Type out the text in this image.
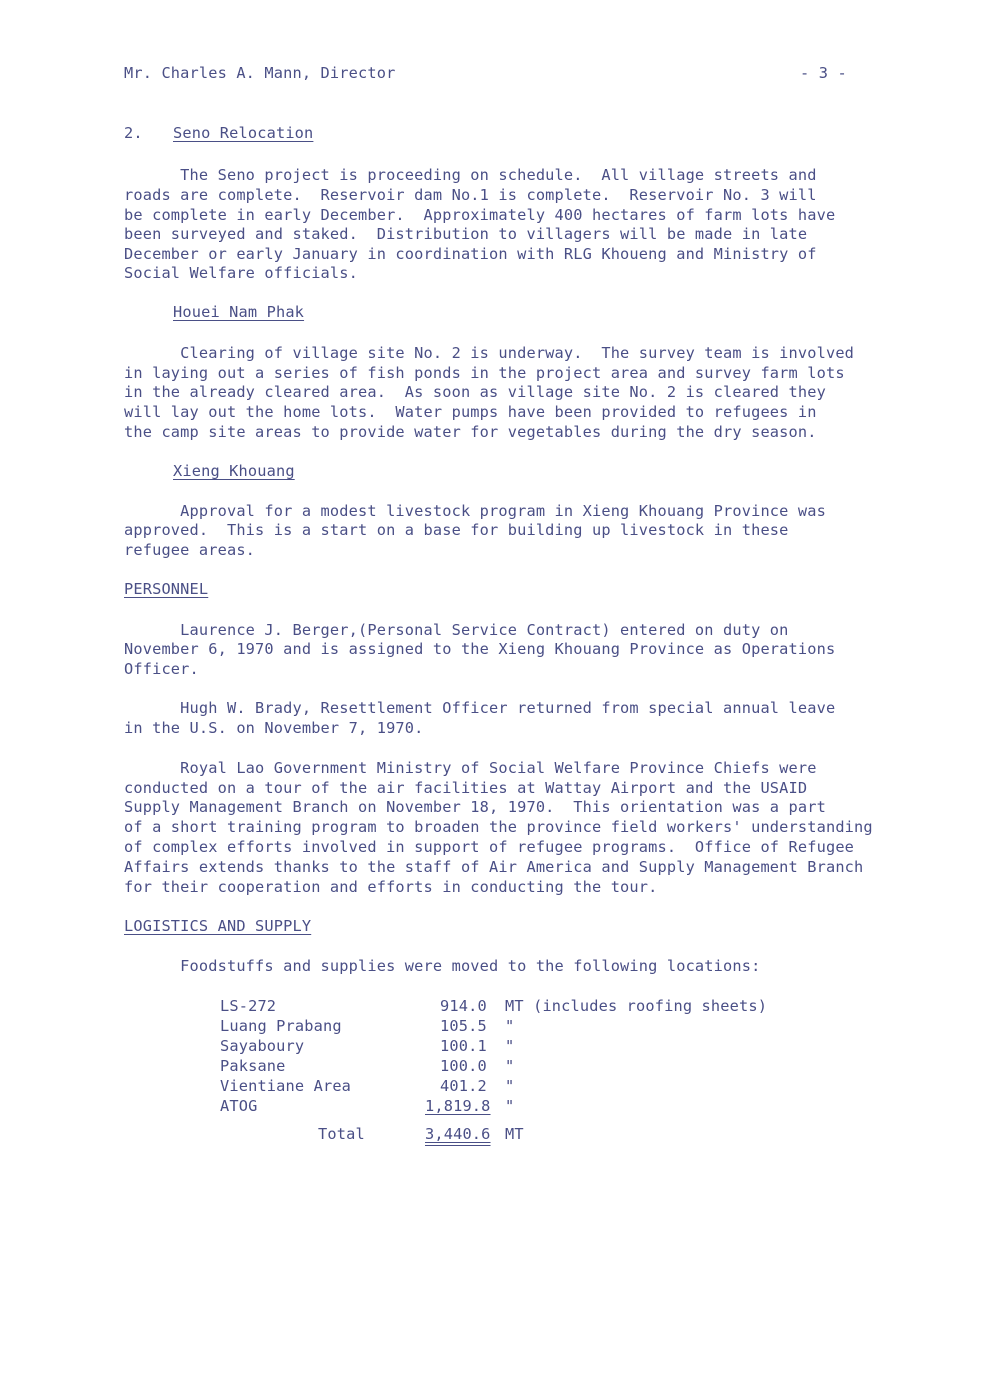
Mr. Charles A. Mann, Director	- 3 -
2. Seno Relocation
The Seno project is proceeding on schedule.  All village streets and
roads are complete.  Reservoir dam No.1 is complete.  Reservoir No. 3 will
be complete in early December.  Approximately 400 hectares of farm lots have
been surveyed and staked.  Distribution to villagers will be made in late
December or early January in coordination with RLG Khoueng and Ministry of
Social Welfare officials.
Houei Nam Phak
Clearing of village site No. 2 is underway.  The survey team is involved
in laying out a series of fish ponds in the project area and survey farm lots
in the already cleared area.  As soon as village site No. 2 is cleared they
will lay out the home lots.  Water pumps have been provided to refugees in
the camp site areas to provide water for vegetables during the dry season.
Xieng Khouang
Approval for a modest livestock program in Xieng Khouang Province was
approved.  This is a start on a base for building up livestock in these
refugee areas.
PERSONNEL
Laurence J. Berger,(Personal Service Contract) entered on duty on
November 6, 1970 and is assigned to the Xieng Khouang Province as Operations
Officer.
Hugh W. Brady, Resettlement Officer returned from special annual leave
in the U.S. on November 7, 1970.
Royal Lao Government Ministry of Social Welfare Province Chiefs were
conducted on a tour of the air facilities at Wattay Airport and the USAID
Supply Management Branch on November 18, 1970.  This orientation was a part
of a short training program to broaden the province field workers' understanding
of complex efforts involved in support of refugee programs.  Office of Refugee
Affairs extends thanks to the staff of Air America and Supply Management Branch
for their cooperation and efforts in conducting the tour.
LOGISTICS AND SUPPLY
Foodstuffs and supplies were moved to the following locations:
LS-272	914.0 MT (includes roofing sheets)
Luang Prabang	105.5 "
Sayaboury	100.1 "
Paksane	100.0 "
Vientiane Area	401.2 "
ATOG	1,819.8 "
Total	3,440.6 MT
